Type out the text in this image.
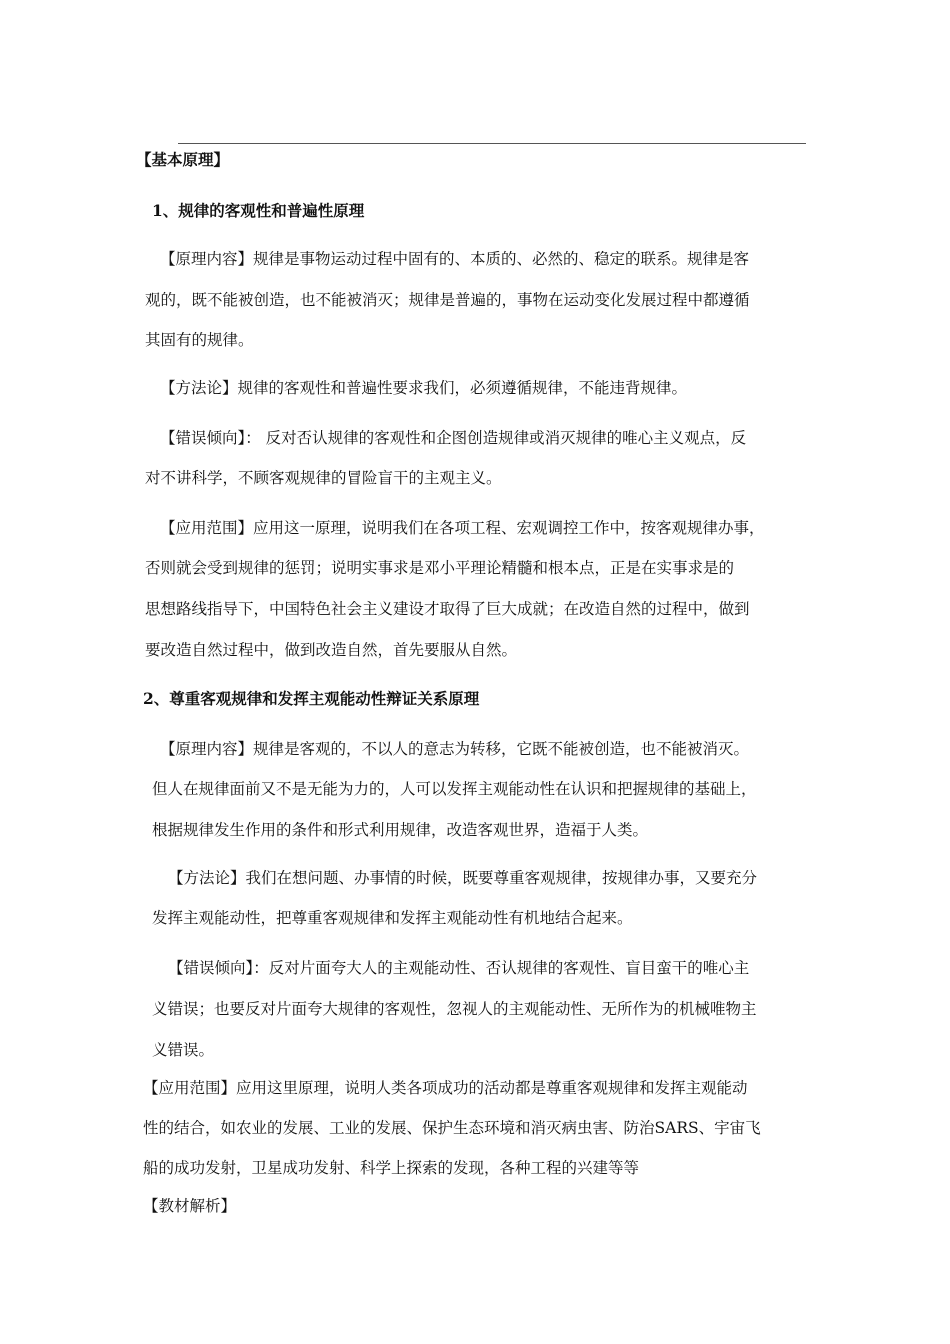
【基本原理】
1、规律的客观性和普遍性原理
【原理内容】规律是事物运动过程中固有的、本质的、必然的、稳定的联系。规律是客
观的，既不能被创造，也不能被消灭；规律是普遍的，事物在运动变化发展过程中都遵循
其固有的规律。
【方法论】规律的客观性和普遍性要求我们，必须遵循规律，不能违背规律。
【错误倾向】： 反对否认规律的客观性和企图创造规律或消灭规律的唯心主义观点，反
对不讲科学，不顾客观规律的冒险盲干的主观主义。
【应用范围】应用这一原理，说明我们在各项工程、宏观调控工作中，按客观规律办事，
否则就会受到规律的惩罚；说明实事求是邓小平理论精髓和根本点，正是在实事求是的
思想路线指导下，中国特色社会主义建设才取得了巨大成就；在改造自然的过程中，做到
要改造自然过程中，做到改造自然，首先要服从自然。
2、尊重客观规律和发挥主观能动性辩证关系原理
【原理内容】规律是客观的，不以人的意志为转移，它既不能被创造，也不能被消灭。
但人在规律面前又不是无能为力的，人可以发挥主观能动性在认识和把握规律的基础上，
根据规律发生作用的条件和形式利用规律，改造客观世界，造福于人类。
【方法论】我们在想问题、办事情的时候，既要尊重客观规律，按规律办事，又要充分
发挥主观能动性，把尊重客观规律和发挥主观能动性有机地结合起来。
【错误倾向】：反对片面夸大人的主观能动性、否认规律的客观性、盲目蛮干的唯心主
义错误；也要反对片面夸大规律的客观性，忽视人的主观能动性、无所作为的机械唯物主
义错误。
【应用范围】应用这里原理，说明人类各项成功的活动都是尊重客观规律和发挥主观能动
性的结合，如农业的发展、工业的发展、保护生态环境和消灭病虫害、防治SARS、宇宙飞
船的成功发射，卫星成功发射、科学上探索的发现，各种工程的兴建等等
【教材解析】
